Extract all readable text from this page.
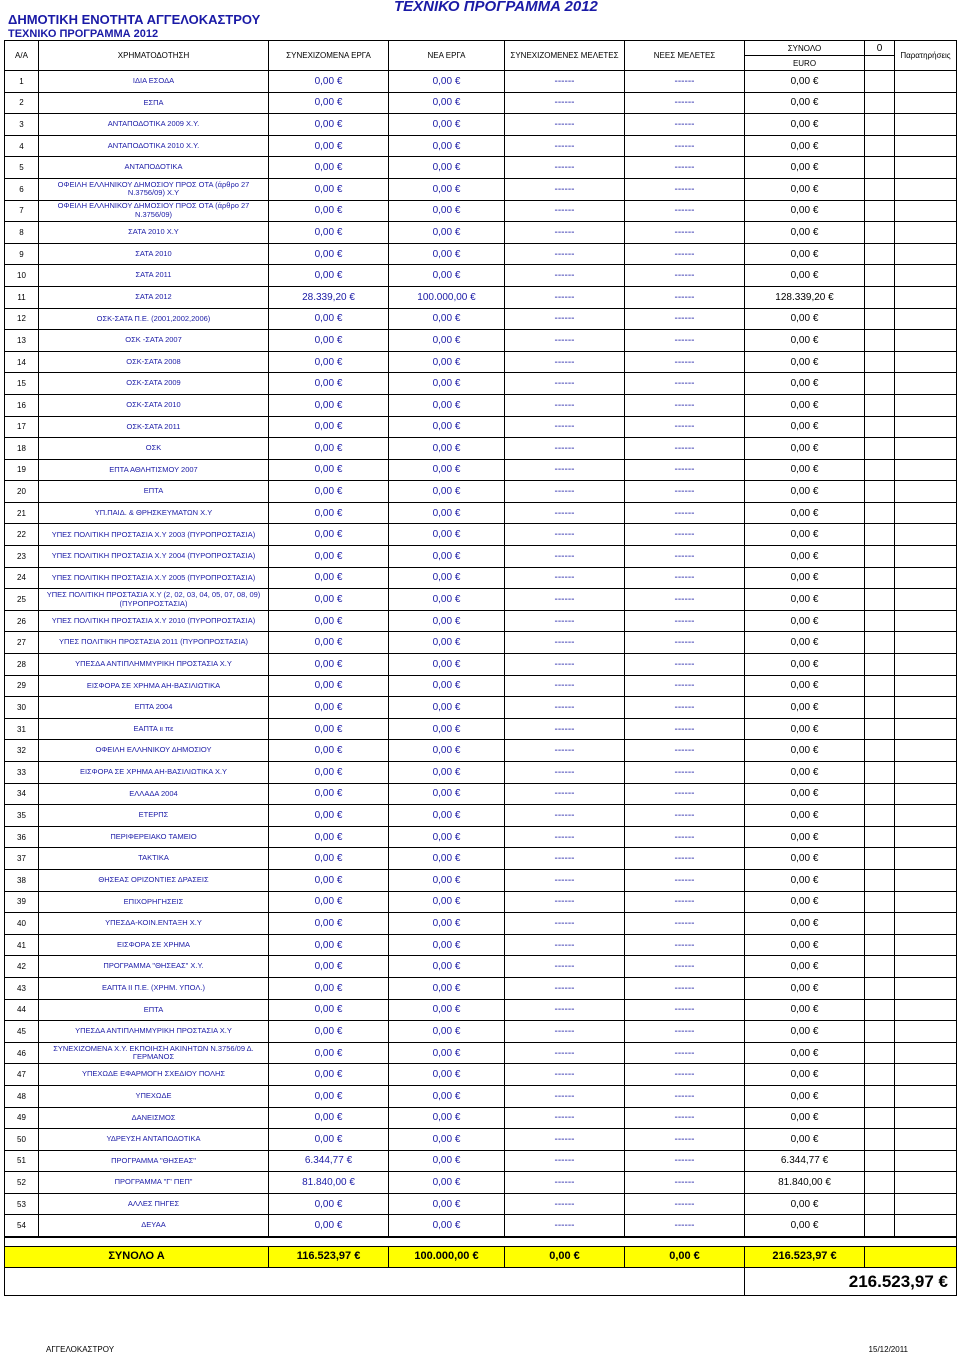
ΔΗΜΟΤΙΚΗ ΕΝΟΤΗΤΑ ΑΓΓΕΛΟΚΑΣΤΡΟΥ
ΤΕΧΝΙΚΟ ΠΡΟΓΡΑΜΜΑ 2012
ΤΕΧΝΙΚΟ ΠΡΟΓΡΑΜΜΑ 2012
Α/Α	ΧΡΗΜΑΤΟΔΟΤΗΣΗ	ΣΥΝΕΧΙΖΟΜΕΝΑ ΕΡΓΑ	ΝΕΑ ΕΡΓΑ	ΣΥΝΕΧΙΖΟΜΕΝΕΣ ΜΕΛΕΤΕΣ	ΝΕΕΣ ΜΕΛΕΤΕΣ	ΣΥΝΟΛΟ	0	Παρατηρήσεις
						EURO		
1	ΙΔΙΑ ΕΣΟΔΑ	0,00 €	0,00 €	------	------	0,00 €		
2	ΕΣΠΑ	0,00 €	0,00 €	------	------	0,00 €		
3	ΑΝΤΑΠΟΔΟΤΙΚΑ 2009 Χ.Υ.	0,00 €	0,00 €	------	------	0,00 €		
4	ΑΝΤΑΠΟΔΟΤΙΚΑ 2010 Χ.Υ.	0,00 €	0,00 €	------	------	0,00 €		
5	ΑΝΤΑΠΟΔΟΤΙΚΑ	0,00 €	0,00 €	------	------	0,00 €		
6	ΟΦΕΙΛΗ ΕΛΛΗΝΙΚΟΥ ΔΗΜΟΣΙΟΥ ΠΡΟΣ ΟΤΑ (άρθρο 27 Ν.3756/09) Χ.Υ	0,00 €	0,00 €	------	------	0,00 €		
7	ΟΦΕΙΛΗ ΕΛΛΗΝΙΚΟΥ ΔΗΜΟΣΙΟΥ ΠΡΟΣ ΟΤΑ (άρθρο 27 Ν.3756/09)	0,00 €	0,00 €	------	------	0,00 €		
8	ΣΑΤΑ 2010 Χ.Υ	0,00 €	0,00 €	------	------	0,00 €		
9	ΣΑΤΑ 2010	0,00 €	0,00 €	------	------	0,00 €		
10	ΣΑΤΑ 2011	0,00 €	0,00 €	------	------	0,00 €		
11	ΣΑΤΑ 2012	28.339,20 €	100.000,00 €	------	------	128.339,20 €		
12	ΟΣΚ-ΣΑΤΑ Π.Ε. (2001,2002,2006)	0,00 €	0,00 €	------	------	0,00 €		
13	ΟΣΚ -ΣΑΤΑ 2007	0,00 €	0,00 €	------	------	0,00 €		
14	ΟΣΚ-ΣΑΤΑ 2008	0,00 €	0,00 €	------	------	0,00 €		
15	ΟΣΚ-ΣΑΤΑ 2009	0,00 €	0,00 €	------	------	0,00 €		
16	ΟΣΚ-ΣΑΤΑ 2010	0,00 €	0,00 €	------	------	0,00 €		
17	ΟΣΚ-ΣΑΤΑ 2011	0,00 €	0,00 €	------	------	0,00 €		
18	ΟΣΚ	0,00 €	0,00 €	------	------	0,00 €		
19	ΕΠΤΑ ΑΘΛΗΤΙΣΜΟΥ 2007	0,00 €	0,00 €	------	------	0,00 €		
20	ΕΠΤΑ	0,00 €	0,00 €	------	------	0,00 €		
21	ΥΠ.ΠΑΙΔ. & ΘΡΗΣΚΕΥΜΑΤΩΝ Χ.Υ	0,00 €	0,00 €	------	------	0,00 €		
22	ΥΠΕΣ ΠΟΛΙΤΙΚΗ ΠΡΟΣΤΑΣΙΑ Χ.Υ 2003 (ΠΥΡΟΠΡΟΣΤΑΣΙΑ)	0,00 €	0,00 €	------	------	0,00 €		
23	ΥΠΕΣ ΠΟΛΙΤΙΚΗ ΠΡΟΣΤΑΣΙΑ Χ.Υ 2004 (ΠΥΡΟΠΡΟΣΤΑΣΙΑ)	0,00 €	0,00 €	------	------	0,00 €		
24	ΥΠΕΣ ΠΟΛΙΤΙΚΗ ΠΡΟΣΤΑΣΙΑ Χ.Υ 2005 (ΠΥΡΟΠΡΟΣΤΑΣΙΑ)	0,00 €	0,00 €	------	------	0,00 €		
25	ΥΠΕΣ ΠΟΛΙΤΙΚΗ ΠΡΟΣΤΑΣΙΑ Χ.Υ (2, 02, 03, 04, 05, 07, 08, 09) (ΠΥΡΟΠΡΟΣΤΑΣΙΑ)	0,00 €	0,00 €	------	------	0,00 €		
26	ΥΠΕΣ ΠΟΛΙΤΙΚΗ ΠΡΟΣΤΑΣΙΑ Χ.Υ 2010 (ΠΥΡΟΠΡΟΣΤΑΣΙΑ)	0,00 €	0,00 €	------	------	0,00 €		
27	ΥΠΕΣ ΠΟΛΙΤΙΚΗ ΠΡΟΣΤΑΣΙΑ 2011 (ΠΥΡΟΠΡΟΣΤΑΣΙΑ)	0,00 €	0,00 €	------	------	0,00 €		
28	ΥΠΕΣΔΑ ΑΝΤΙΠΛΗΜΜΥΡΙΚΗ ΠΡΟΣΤΑΣΙΑ Χ.Υ	0,00 €	0,00 €	------	------	0,00 €		
29	ΕΙΣΦΟΡΑ ΣΕ ΧΡΗΜΑ ΑΗ-ΒΑΣΙΛΙΩΤΙΚΑ	0,00 €	0,00 €	------	------	0,00 €		
30	ΕΠΤΑ 2004	0,00 €	0,00 €	------	------	0,00 €		
31	ΕΑΠΤΑ ιι πε	0,00 €	0,00 €	------	------	0,00 €		
32	ΟΦΕΙΛΗ ΕΛΛΗΝΙΚΟΥ ΔΗΜΟΣΙΟΥ	0,00 €	0,00 €	------	------	0,00 €		
33	ΕΙΣΦΟΡΑ ΣΕ ΧΡΗΜΑ ΑΗ-ΒΑΣΙΛΙΩΤΙΚΑ Χ.Υ	0,00 €	0,00 €	------	------	0,00 €		
34	ΕΛΛΑΔΑ 2004	0,00 €	0,00 €	------	------	0,00 €		
35	ΕΤΕΡΠΣ	0,00 €	0,00 €	------	------	0,00 €		
36	ΠΕΡΙΦΕΡΕΙΑΚΟ ΤΑΜΕΙΟ	0,00 €	0,00 €	------	------	0,00 €		
37	ΤΑΚΤΙΚΑ	0,00 €	0,00 €	------	------	0,00 €		
38	ΘΗΣΕΑΣ ΟΡΙΖΟΝΤΙΕΣ ΔΡΑΣΕΙΣ	0,00 €	0,00 €	------	------	0,00 €		
39	ΕΠΙΧΟΡΗΓΗΣΕΙΣ	0,00 €	0,00 €	------	------	0,00 €		
40	ΥΠΕΣΔΑ-ΚΟΙΝ.ΕΝΤΑΞΗ Χ.Υ	0,00 €	0,00 €	------	------	0,00 €		
41	ΕΙΣΦΟΡΑ ΣΕ ΧΡΗΜΑ	0,00 €	0,00 €	------	------	0,00 €		
42	ΠΡΟΓΡΑΜΜΑ "ΘΗΣΕΑΣ" Χ.Υ.	0,00 €	0,00 €	------	------	0,00 €		
43	ΕΑΠΤΑ ΙΙ Π.Ε. (ΧΡΗΜ. ΥΠΟΛ.)	0,00 €	0,00 €	------	------	0,00 €		
44	ΕΠΤΑ	0,00 €	0,00 €	------	------	0,00 €		
45	ΥΠΕΣΔΑ ΑΝΤΙΠΛΗΜΜΥΡΙΚΗ ΠΡΟΣΤΑΣΙΑ Χ.Υ	0,00 €	0,00 €	------	------	0,00 €		
46	ΣΥΝΕΧΙΖΟΜΕΝΑ Χ.Υ. ΕΚΠΟΙΗΣΗ ΑΚΙΝΗΤΩΝ Ν.3756/09 Δ. ΓΕΡΜΑΝΟΣ	0,00 €	0,00 €	------	------	0,00 €		
47	ΥΠΕΧΩΔΕ ΕΦΑΡΜΟΓΗ ΣΧΕΔΙΟΥ ΠΟΛΗΣ	0,00 €	0,00 €	------	------	0,00 €		
48	ΥΠΕΧΩΔΕ	0,00 €	0,00 €	------	------	0,00 €		
49	ΔΑΝΕΙΣΜΟΣ	0,00 €	0,00 €	------	------	0,00 €		
50	ΥΔΡΕΥΣΗ ΑΝΤΑΠΟΔΟΤΙΚΑ	0,00 €	0,00 €	------	------	0,00 €		
51	ΠΡΟΓΡΑΜΜΑ "ΘΗΣΕΑΣ"	6.344,77 €	0,00 €	------	------	6.344,77 €		
52	ΠΡΟΓΡΑΜΜΑ "Γ' ΠΕΠ"	81.840,00 €	0,00 €	------	------	81.840,00 €		
53	ΑΛΛΕΣ ΠΗΓΕΣ	0,00 €	0,00 €	------	------	0,00 €		
54	ΔΕΥΑΑ	0,00 €	0,00 €	------	------	0,00 €		

ΣΥΝΟΛΟ Α		116.523,97 €	100.000,00 €	0,00 €	0,00 €	216.523,97 €		
						216.523,97 €		
ΑΓΓΕΛΟΚΑΣΤΡΟΥ	15/12/2011
